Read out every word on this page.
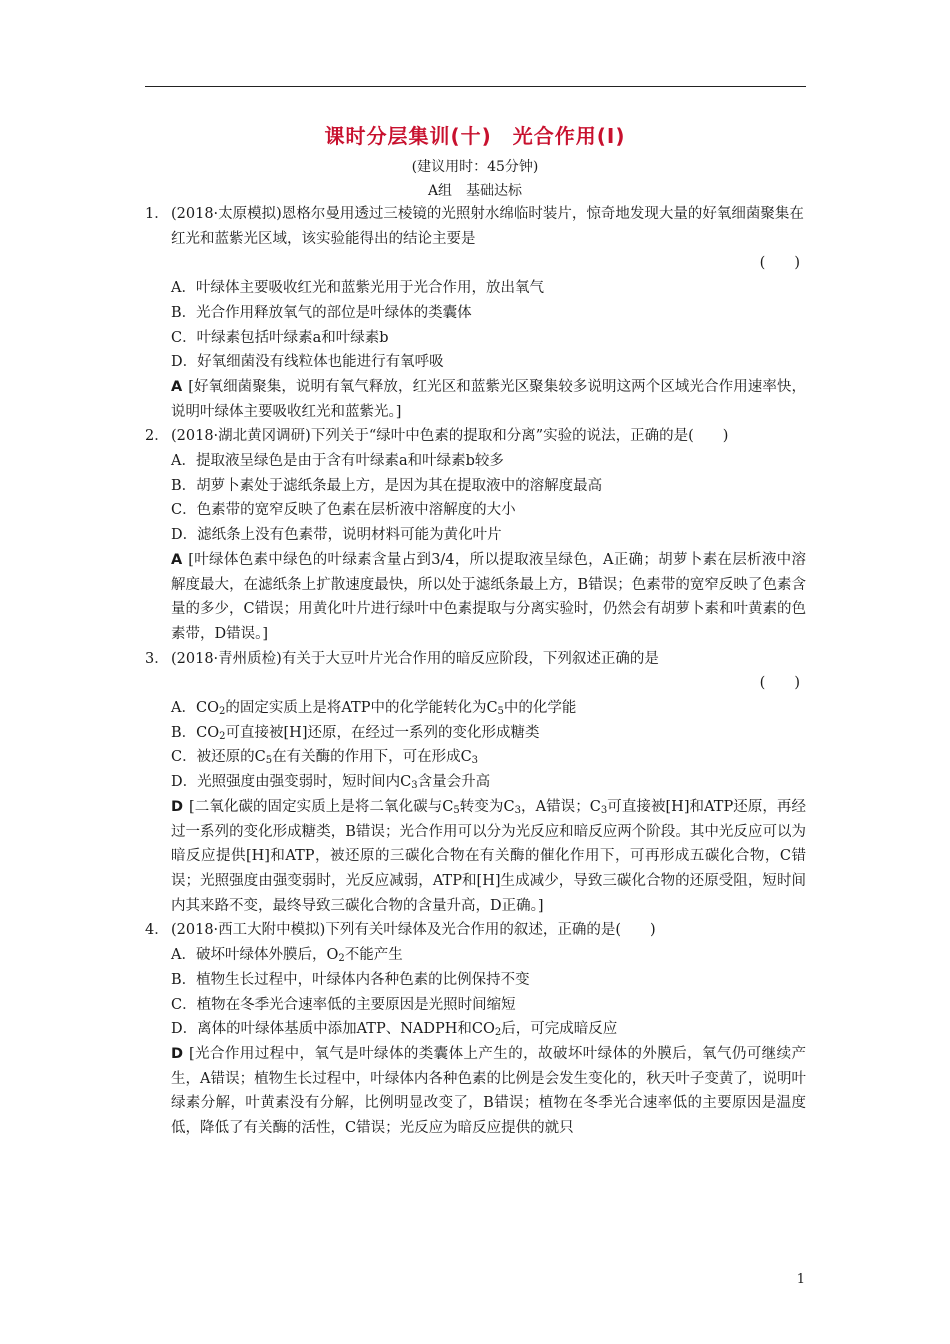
课时分层集训(十)　光合作用(Ⅰ)
(建议用时：45分钟)
A组　基础达标
1． (2018·太原模拟)恩格尔曼用透过三棱镜的光照射水绵临时装片，惊奇地发现大量的好氧细菌聚集在红光和蓝紫光区域，该实验能得出的结论主要是
(　　)
A．叶绿体主要吸收红光和蓝紫光用于光合作用，放出氧气
B．光合作用释放氧气的部位是叶绿体的类囊体
C．叶绿素包括叶绿素a和叶绿素b
D．好氧细菌没有线粒体也能进行有氧呼吸
A [好氧细菌聚集，说明有氧气释放，红光区和蓝紫光区聚集较多说明这两个区域光合作用速率快，说明叶绿体主要吸收红光和蓝紫光。]
2． (2018·湖北黄冈调研)下列关于“绿叶中色素的提取和分离”实验的说法，正确的是(　　)
A．提取液呈绿色是由于含有叶绿素a和叶绿素b较多
B．胡萝卜素处于滤纸条最上方，是因为其在提取液中的溶解度最高
C．色素带的宽窄反映了色素在层析液中溶解度的大小
D．滤纸条上没有色素带，说明材料可能为黄化叶片
A [叶绿体色素中绿色的叶绿素含量占到3/4，所以提取液呈绿色，A正确；胡萝卜素在层析液中溶解度最大，在滤纸条上扩散速度最快，所以处于滤纸条最上方，B错误；色素带的宽窄反映了色素含量的多少，C错误；用黄化叶片进行绿叶中色素提取与分离实验时，仍然会有胡萝卜素和叶黄素的色素带，D错误。]
3． (2018·青州质检)有关于大豆叶片光合作用的暗反应阶段，下列叙述正确的是
(　　)
A．$CO_2$的固定实质上是将ATP中的化学能转化为$C_5$中的化学能
B．$CO_2$可直接被[H]还原，在经过一系列的变化形成糖类
C．被还原的$C_5$在有关酶的作用下，可在形成$C_3$
D．光照强度由强变弱时，短时间内$C_3$含量会升高
D [二氧化碳的固定实质上是将二氧化碳与$C_5$转变为$C_3$，A错误；$C_3$可直接被[H]和ATP还原，再经过一系列的变化形成糖类，B错误；光合作用可以分为光反应和暗反应两个阶段。其中光反应可以为暗反应提供[H]和ATP，被还原的三碳化合物在有关酶的催化作用下，可再形成五碳化合物，C错误；光照强度由强变弱时，光反应减弱，ATP和[H]生成减少，导致三碳化合物的还原受阻，短时间内其来路不变，最终导致三碳化合物的含量升高，D正确。]
4． (2018·西工大附中模拟)下列有关叶绿体及光合作用的叙述，正确的是(　　)
A．破坏叶绿体外膜后，$O_2$不能产生
B．植物生长过程中，叶绿体内各种色素的比例保持不变
C．植物在冬季光合速率低的主要原因是光照时间缩短
D．离体的叶绿体基质中添加ATP、NADPH和$CO_2$后，可完成暗反应
D [光合作用过程中，氧气是叶绿体的类囊体上产生的，故破坏叶绿体的外膜后，氧气仍可继续产生，A错误；植物生长过程中，叶绿体内各种色素的比例是会发生变化的，秋天叶子变黄了，说明叶绿素分解，叶黄素没有分解，比例明显改变了，B错误；植物在冬季光合速率低的主要原因是温度低，降低了有关酶的活性，C错误；光反应为暗反应提供的就只
1
